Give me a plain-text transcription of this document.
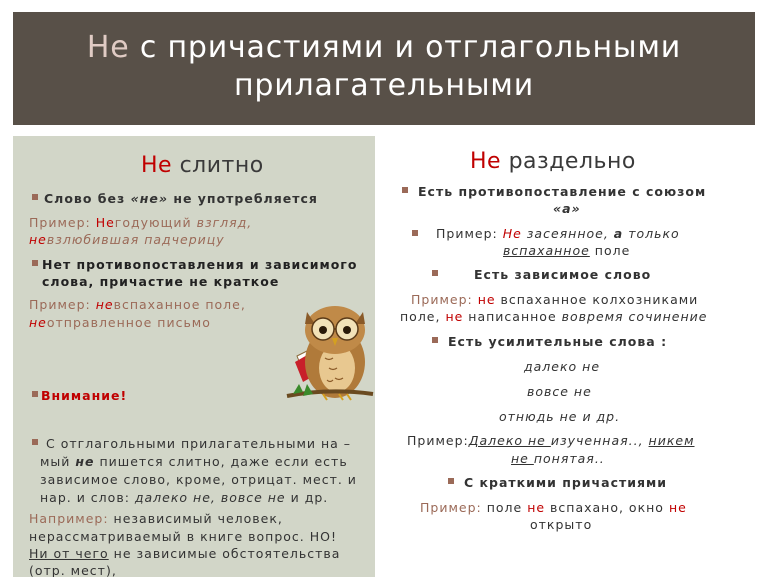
Не с причастиями и отглагольными
прилагательными
Не слитно
Слово без «не» не употребляется
Пример: Негодующий взгляд,
невзлюбившая падчерицу
Нет противопоставления и зависимого
слова, причастие не краткое
Пример: невспаханное поле,
неотправленное письмо
Внимание!
С отглагольными прилагательными на –
мый не пишется слитно, даже если есть
зависимое слово, кроме, отрицат. мест. и
нар. и слов: далеко не, вовсе не и др.
Например: независимый человек,
нерассматриваемый в книге вопрос. НО!
Ни от чего не зависимые обстоятельства
(отр. мест),
Не раздельно
Есть противопоставление с союзом
«а»
Пример: Не засеянное, а только
вспаханное поле
Есть зависимое слово
Пример: не вспаханное колхозниками
поле, не написанное вовремя сочинение
Есть усилительные слова :
далеко не
вовсе не
отнюдь не и др.
Пример:Далеко не изученная.., никем
не понятая..
С краткими причастиями
Пример: поле не вспахано, окно не
открыто
